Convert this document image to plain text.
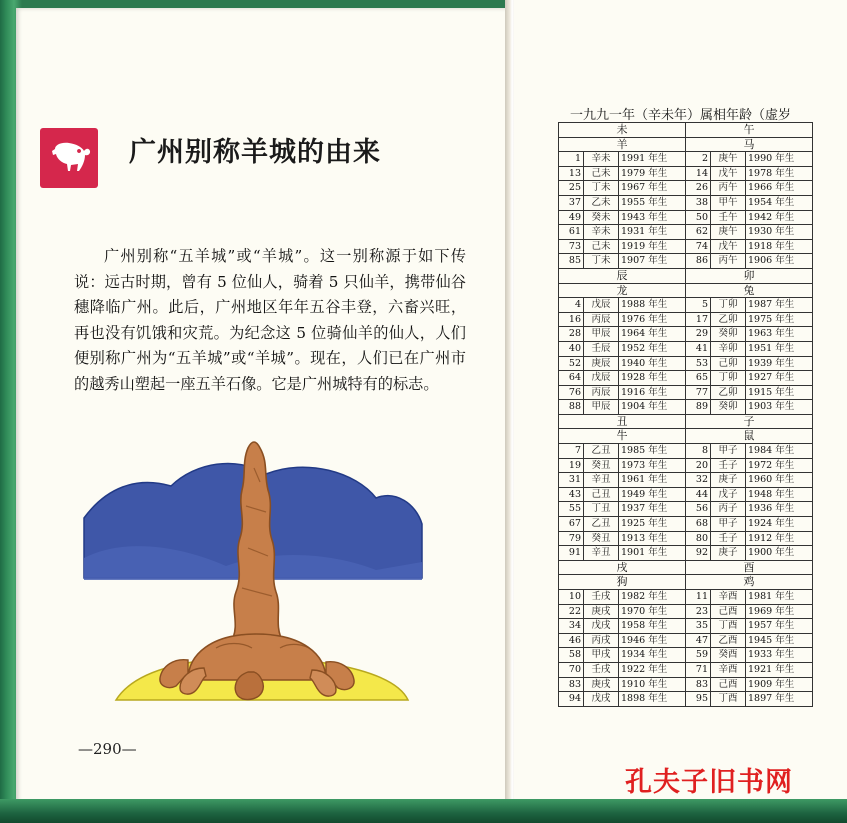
广州别称羊城的由来
广州别称“五羊城”或“羊城”。这一别称源于如下传说：远古时期，曾有 5 位仙人，骑着 5 只仙羊，携带仙谷穗降临广州。此后，广州地区年年五谷丰登，六畜兴旺，再也没有饥饿和灾荒。为纪念这 5 位骑仙羊的仙人，人们便别称广州为“五羊城”或“羊城”。现在，人们已在广州市的越秀山塑起一座五羊石像。它是广州城特有的标志。
—290—
一九九一年（辛未年）属相年龄（虚岁
未			午		
羊			马		
1	辛未	1991 年生	2	庚午	1990 年生
13	己未	1979 年生	14	戊午	1978 年生
25	丁未	1967 年生	26	丙午	1966 年生
37	乙未	1955 年生	38	甲午	1954 年生
49	癸未	1943 年生	50	壬午	1942 年生
61	辛未	1931 年生	62	庚午	1930 年生
73	己未	1919 年生	74	戊午	1918 年生
85	丁未	1907 年生	86	丙午	1906 年生
辰			卯		
龙			兔		
4	戊辰	1988 年生	5	丁卯	1987 年生
16	丙辰	1976 年生	17	乙卯	1975 年生
28	甲辰	1964 年生	29	癸卯	1963 年生
40	壬辰	1952 年生	41	辛卯	1951 年生
52	庚辰	1940 年生	53	己卯	1939 年生
64	戊辰	1928 年生	65	丁卯	1927 年生
76	丙辰	1916 年生	77	乙卯	1915 年生
88	甲辰	1904 年生	89	癸卯	1903 年生
丑			子		
牛			鼠		
7	乙丑	1985 年生	8	甲子	1984 年生
19	癸丑	1973 年生	20	壬子	1972 年生
31	辛丑	1961 年生	32	庚子	1960 年生
43	己丑	1949 年生	44	戊子	1948 年生
55	丁丑	1937 年生	56	丙子	1936 年生
67	乙丑	1925 年生	68	甲子	1924 年生
79	癸丑	1913 年生	80	壬子	1912 年生
91	辛丑	1901 年生	92	庚子	1900 年生
戌			酉		
狗			鸡		
10	壬戌	1982 年生	11	辛酉	1981 年生
22	庚戌	1970 年生	23	己酉	1969 年生
34	戊戌	1958 年生	35	丁酉	1957 年生
46	丙戌	1946 年生	47	乙酉	1945 年生
58	甲戌	1934 年生	59	癸酉	1933 年生
70	壬戌	1922 年生	71	辛酉	1921 年生
83	庚戌	1910 年生	83	己酉	1909 年生
94	戊戌	1898 年生	95	丁酉	1897 年生
孔夫子旧书网
